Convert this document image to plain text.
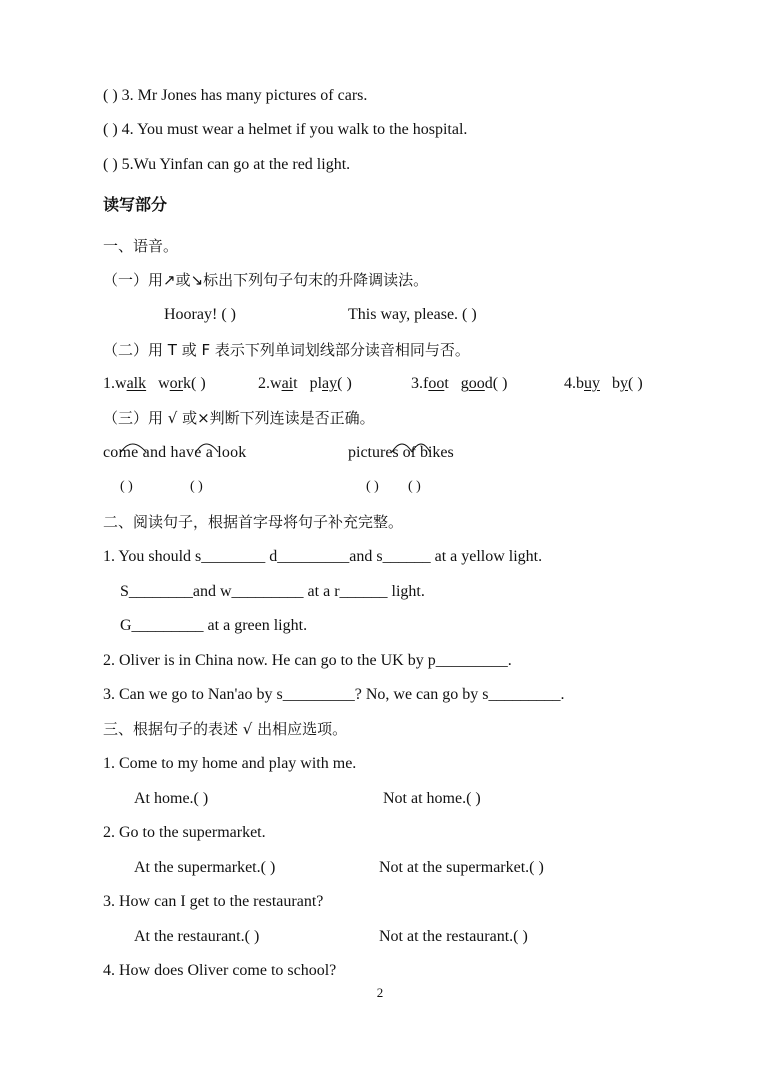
( ) 3. Mr Jones has many pictures of cars.
( ) 4. You must wear a helmet if you walk to the hospital.
( ) 5.Wu Yinfan can go at the red light.
读写部分
一、语音。
（一）用↗或↘标出下列句子句末的升降调读法。
Hooray! ( )	This way, please. ( )
（二）用 T 或 F 表示下列单词划线部分读音相同与否。
1.walk work( )	2.wait play( )	3.foot good( )	4.buy by( )
（三）用 √ 或×判断下列连读是否正确。
come and have a look	pictures of bikes
( )	( )	( ) ( )
二、阅读句子，根据首字母将句子补充完整。
1. You should s________ d_________and s______ at a yellow light.
S________and w_________ at a r______ light.
G_________ at a green light.
2. Oliver is in China now. He can go to the UK by p_________.
3. Can we go to Nan'ao by s_________? No, we can go by s_________.
三、根据句子的表述 √ 出相应选项。
1. Come to my home and play with me.
At home.( )	Not at home.( )
2. Go to the supermarket.
At the supermarket.( )	Not at the supermarket.( )
3. How can I get to the restaurant?
At the restaurant.( )	Not at the restaurant.( )
4. How does Oliver come to school?
2
